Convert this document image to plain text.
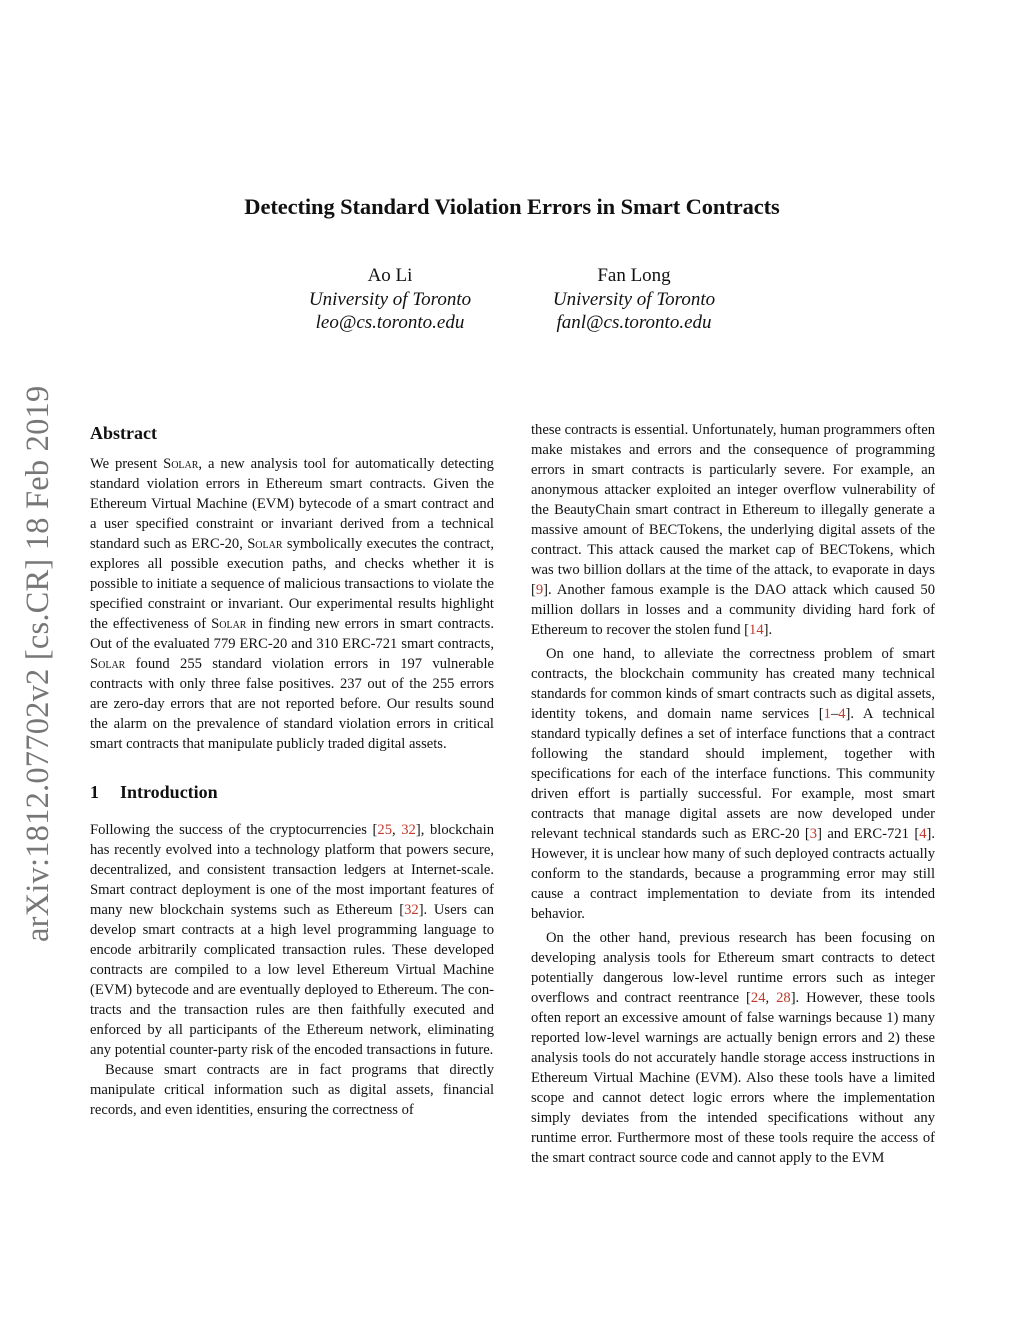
Detecting Standard Violation Errors in Smart Contracts
Ao Li
University of Toronto
leo@cs.toronto.edu
Fan Long
University of Toronto
fanl@cs.toronto.edu
arXiv:1812.07702v2 [cs.CR] 18 Feb 2019	Abstract

We present Solar, a new analysis tool for automatically detecting standard violation errors in Ethereum smart contracts. Given the Ethereum Virtual Machine (EVM) bytecode of a smart contract and a user specified constraint or invariant derived from a technical standard such as ERC-20, Solar symbolically executes the contract, explores all possible execution paths, and checks whether it is possible to initiate a sequence of malicious transactions to violate the specified constraint or invariant. Our experimental results highlight the effectiveness of Solar in finding new errors in smart contracts. Out of the evaluated 779 ERC-20 and 310 ERC-721 smart contracts, Solar found 255 standard violation errors in 197 vulnerable contracts with only three false positives. 237 out of the 255 errors are zero-day errors that are not reported before. Our results sound the alarm on the prevalence of standard violation errors in critical smart contracts that manipulate publicly traded digital assets.

1 Introduction

Following the success of the cryptocurrencies [25, 32], blockchain has recently evolved into a technology platform that powers secure, decentralized, and consistent transaction ledgers at Internet-scale. Smart contract deployment is one of the most important features of many new blockchain systems such as Ethereum [32]. Users can develop smart contracts at a high level programming language to encode arbitrarily complicated transaction rules. These developed contracts are compiled to a low level Ethereum Virtual Machine (EVM) bytecode and are eventually deployed to Ethereum. The contracts and the transaction rules are then faithfully executed and enforced by all participants of the Ethereum network, eliminating any potential counter-party risk of the encoded transactions in future.

Because smart contracts are in fact programs that directly manipulate critical information such as digital assets, financial records, and even identities, ensuring the correctness of

these contracts is essential. Unfortunately, human programmers often make mistakes and errors and the consequence of programming errors in smart contracts is particularly severe. For example, an anonymous attacker exploited an integer overflow vulnerability of the BeautyChain smart contract in Ethereum to illegally generate a massive amount of BECTokens, the underlying digital assets of the contract. This attack caused the market cap of BECTokens, which was two billion dollars at the time of the attack, to evaporate in days [9]. Another famous example is the DAO attack which caused 50 million dollars in losses and a community dividing hard fork of Ethereum to recover the stolen fund [14].

On one hand, to alleviate the correctness problem of smart contracts, the blockchain community has created many technical standards for common kinds of smart contracts such as digital assets, identity tokens, and domain name services [1–4]. A technical standard typically defines a set of interface functions that a contract following the standard should implement, together with specifications for each of the interface functions. This community driven effort is partially successful. For example, most smart contracts that manage digital assets are now developed under relevant technical standards such as ERC-20 [3] and ERC-721 [4]. However, it is unclear how many of such deployed contracts actually conform to the standards, because a programming error may still cause a contract implementation to deviate from its intended behavior.

On the other hand, previous research has been focusing on developing analysis tools for Ethereum smart contracts to detect potentially dangerous low-level runtime errors such as integer overflows and contract reentrance [24, 28]. However, these tools often report an excessive amount of false warnings because 1) many reported low-level warnings are actually benign errors and 2) these analysis tools do not accurately handle storage access instructions in Ethereum Virtual Machine (EVM). Also these tools have a limited scope and cannot detect logic errors where the implementation simply deviates from the intended specifications without any runtime error. Furthermore most of these tools require the access of the smart contract source code and cannot apply to the EVM
